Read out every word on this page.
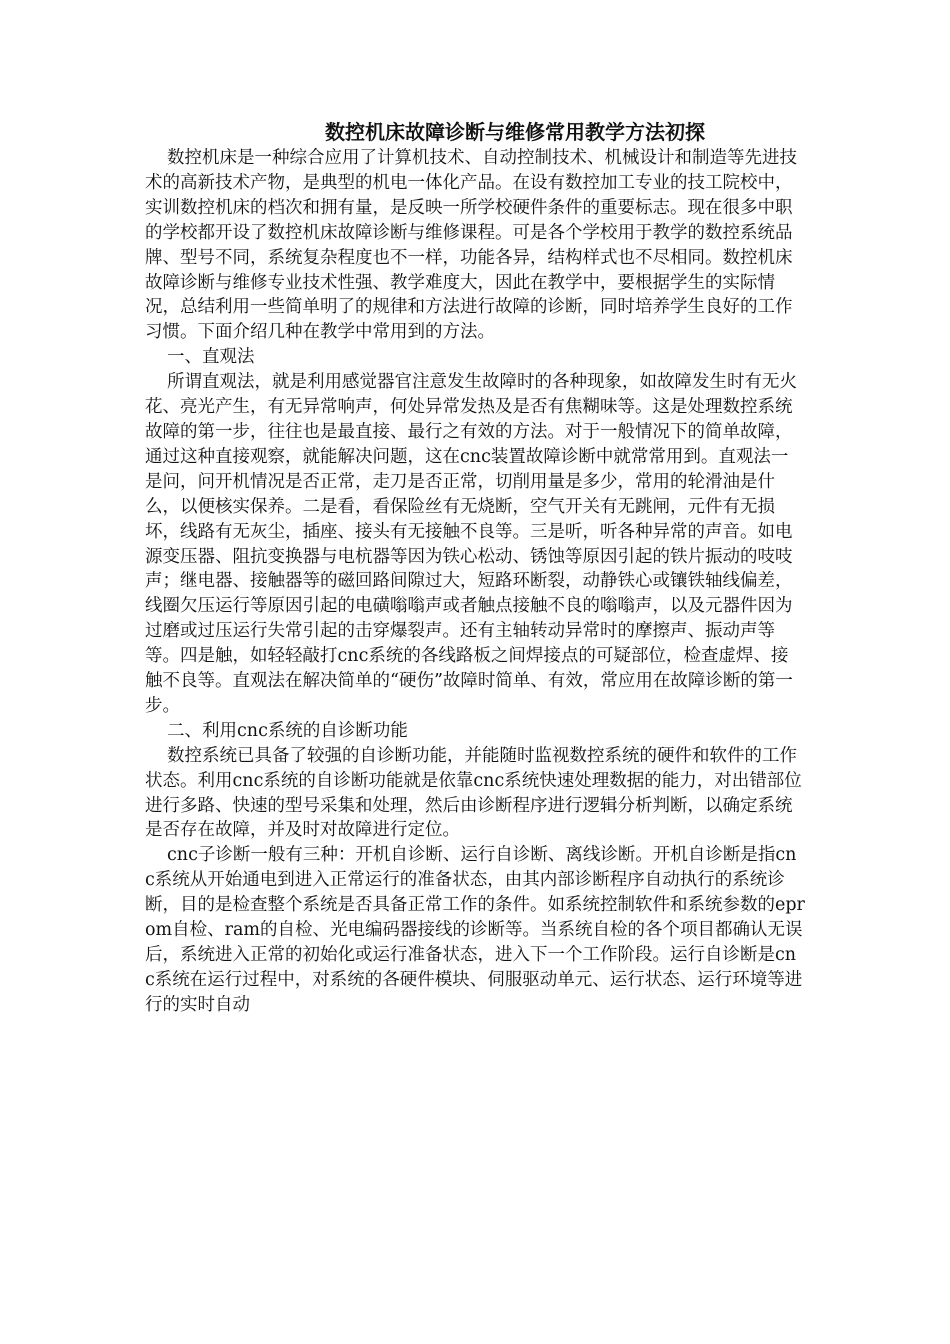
数控机床故障诊断与维修常用教学方法初探

数控机床是一种综合应用了计算机技术、自动控制技术、机械设计和制造等先进技术的高新技术产物，是典型的机电一体化产品。在设有数控加工专业的技工院校中，实训数控机床的档次和拥有量，是反映一所学校硬件条件的重要标志。现在很多中职的学校都开设了数控机床故障诊断与维修课程。可是各个学校用于教学的数控系统品牌、型号不同，系统复杂程度也不一样，功能各异，结构样式也不尽相同。数控机床故障诊断与维修专业技术性强、教学难度大，因此在教学中，要根据学生的实际情况，总结利用一些简单明了的规律和方法进行故障的诊断，同时培养学生良好的工作习惯。下面介绍几种在教学中常用到的方法。

一、直观法

所谓直观法，就是利用感觉器官注意发生故障时的各种现象，如故障发生时有无火花、亮光产生，有无异常响声，何处异常发热及是否有焦糊味等。这是处理数控系统故障的第一步，往往也是最直接、最行之有效的方法。对于一般情况下的简单故障，通过这种直接观察，就能解决问题，这在cnc装置故障诊断中就常常用到。直观法一是问，问开机情况是否正常，走刀是否正常，切削用量是多少，常用的轮滑油是什么，以便核实保养。二是看，看保险丝有无烧断，空气开关有无跳闸，元件有无损坏，线路有无灰尘，插座、接头有无接触不良等。三是听，听各种异常的声音。如电源变压器、阻抗变换器与电杭器等因为铁心松动、锈蚀等原因引起的铁片振动的吱吱声；继电器、接触器等的磁回路间隙过大，短路环断裂，动静铁心或镶铁轴线偏差，线圈欠压运行等原因引起的电磺嗡嗡声或者触点接触不良的嗡嗡声，以及元器件因为过磨或过压运行失常引起的击穿爆裂声。还有主轴转动异常时的摩擦声、振动声等等。四是触，如轻轻敲打cnc系统的各线路板之间焊接点的可疑部位，检查虚焊、接触不良等。直观法在解决简单的“硬伤”故障时简单、有效，常应用在故障诊断的第一步。

二、利用cnc系统的自诊断功能

数控系统已具备了较强的自诊断功能，并能随时监视数控系统的硬件和软件的工作状态。利用cnc系统的自诊断功能就是依靠cnc系统快速处理数据的能力，对出错部位进行多路、快速的型号采集和处理，然后由诊断程序进行逻辑分析判断，以确定系统是否存在故障，并及时对故障进行定位。

cnc子诊断一般有三种：开机自诊断、运行自诊断、离线诊断。开机自诊断是指cnc系统从开始通电到进入正常运行的准备状态，由其内部诊断程序自动执行的系统诊断，目的是检查整个系统是否具备正常工作的条件。如系统控制软件和系统参数的eprom自检、ram的自检、光电编码器接线的诊断等。当系统自检的各个项目都确认无误后，系统进入正常的初始化或运行准备状态，进入下一个工作阶段。运行自诊断是cnc系统在运行过程中，对系统的各硬件模块、伺服驱动单元、运行状态、运行环境等进行的实时自动
